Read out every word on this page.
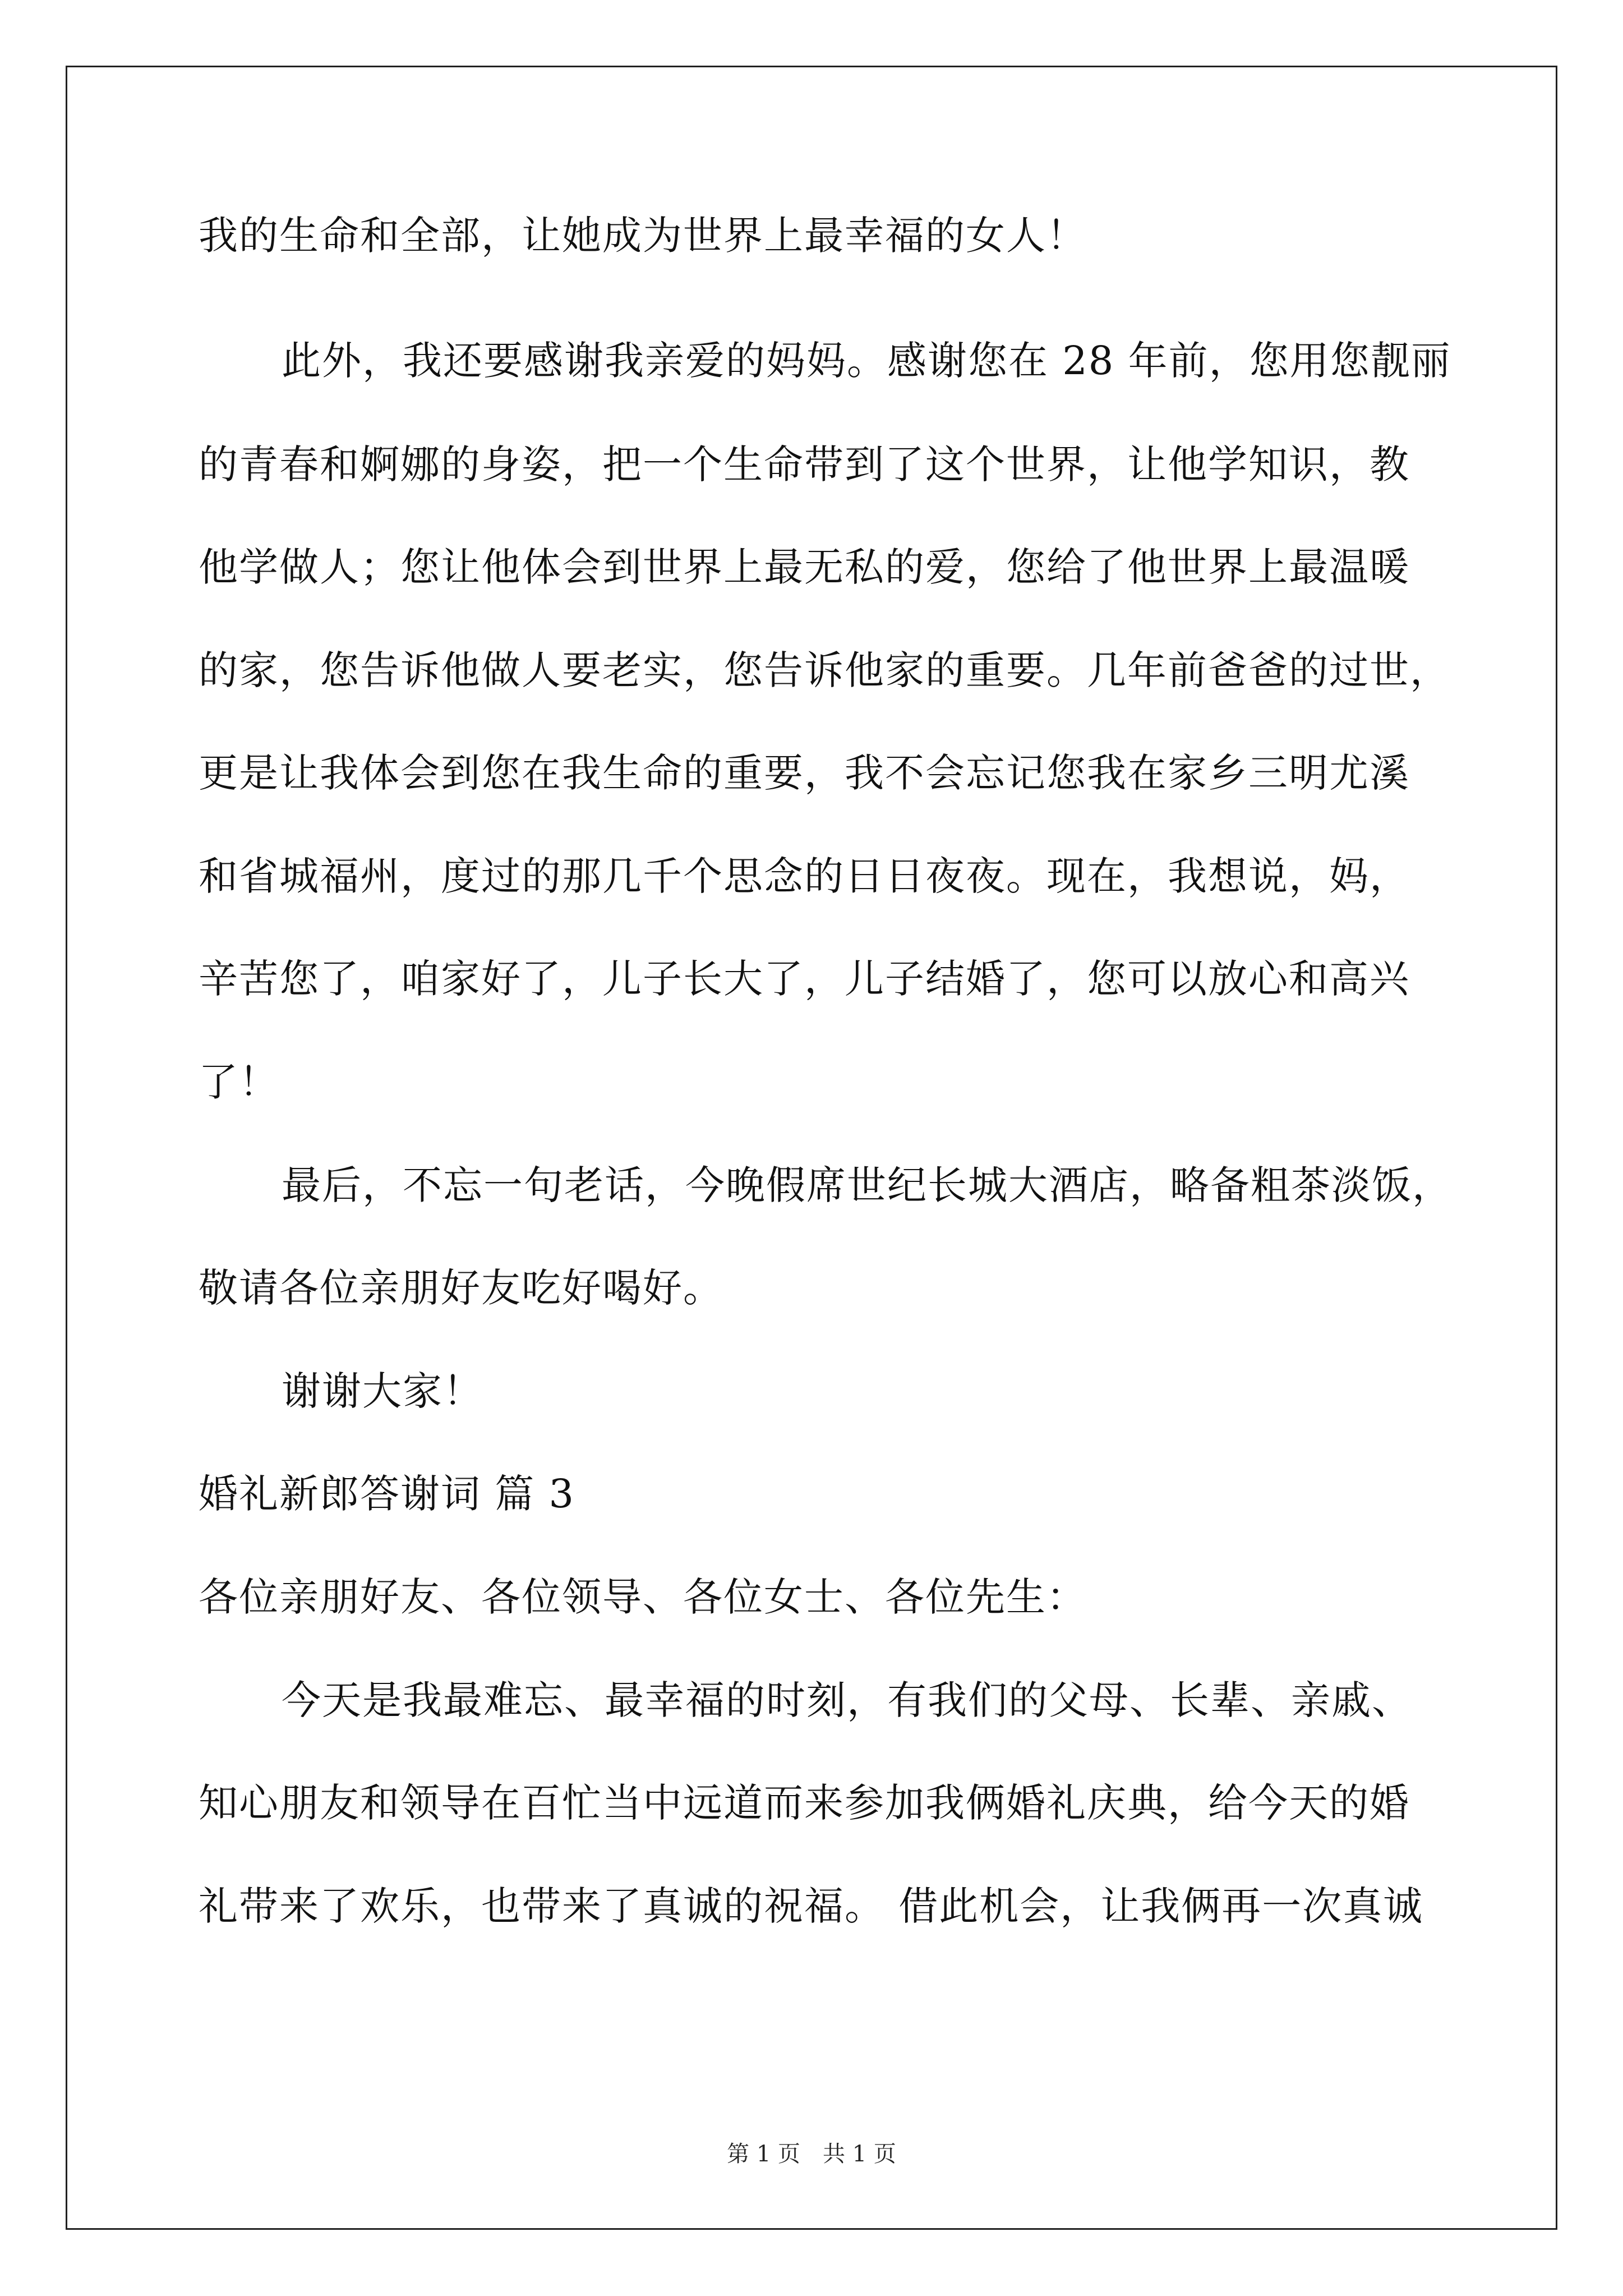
我的生命和全部，让她成为世界上最幸福的女人！
此外，我还要感谢我亲爱的妈妈。感谢您在 28 年前，您用您靓丽
的青春和婀娜的身姿，把一个生命带到了这个世界，让他学知识，教
他学做人；您让他体会到世界上最无私的爱，您给了他世界上最温暖
的家，您告诉他做人要老实，您告诉他家的重要。几年前爸爸的过世，
更是让我体会到您在我生命的重要，我不会忘记您我在家乡三明尤溪
和省城福州，度过的那几千个思念的日日夜夜。现在，我想说，妈，
辛苦您了，咱家好了，儿子长大了，儿子结婚了，您可以放心和高兴
了！
最后，不忘一句老话，今晚假席世纪长城大酒店，略备粗茶淡饭，
敬请各位亲朋好友吃好喝好。
谢谢大家！
婚礼新郎答谢词 篇 3
各位亲朋好友、各位领导、各位女士、各位先生：
今天是我最难忘、最幸福的时刻，有我们的父母、长辈、亲戚、
知心朋友和领导在百忙当中远道而来参加我俩婚礼庆典，给今天的婚
礼带来了欢乐，也带来了真诚的祝福。 借此机会，让我俩再一次真诚
第 1 页　共 1 页
